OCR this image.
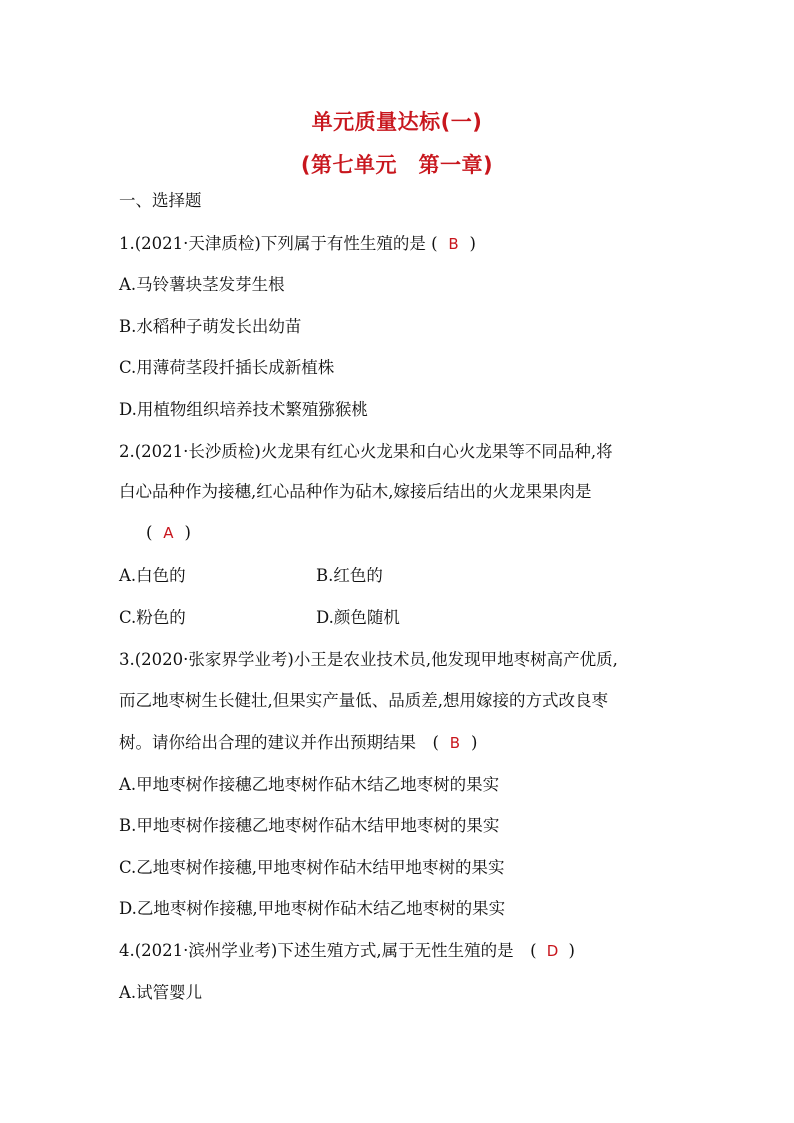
单元质量达标(一)
(第七单元　第一章)
一、选择题
1.(2021·天津质检)下列属于有性生殖的是 ( B )
A.马铃薯块茎发芽生根
B.水稻种子萌发长出幼苗
C.用薄荷茎段扦插长成新植株
D.用植物组织培养技术繁殖猕猴桃
2.(2021·长沙质检)火龙果有红心火龙果和白心火龙果等不同品种,将
白心品种作为接穗,红心品种作为砧木,嫁接后结出的火龙果果肉是
( A )
A.白色的	B.红色的
C.粉色的	D.颜色随机
3.(2020·张家界学业考)小王是农业技术员,他发现甲地枣树高产优质,
而乙地枣树生长健壮,但果实产量低、品质差,想用嫁接的方式改良枣
树。请你给出合理的建议并作出预期结果　( B )
A.甲地枣树作接穗乙地枣树作砧木结乙地枣树的果实
B.甲地枣树作接穗乙地枣树作砧木结甲地枣树的果实
C.乙地枣树作接穗,甲地枣树作砧木结甲地枣树的果实
D.乙地枣树作接穗,甲地枣树作砧木结乙地枣树的果实
4.(2021·滨州学业考)下述生殖方式,属于无性生殖的是　( D )
A.试管婴儿
